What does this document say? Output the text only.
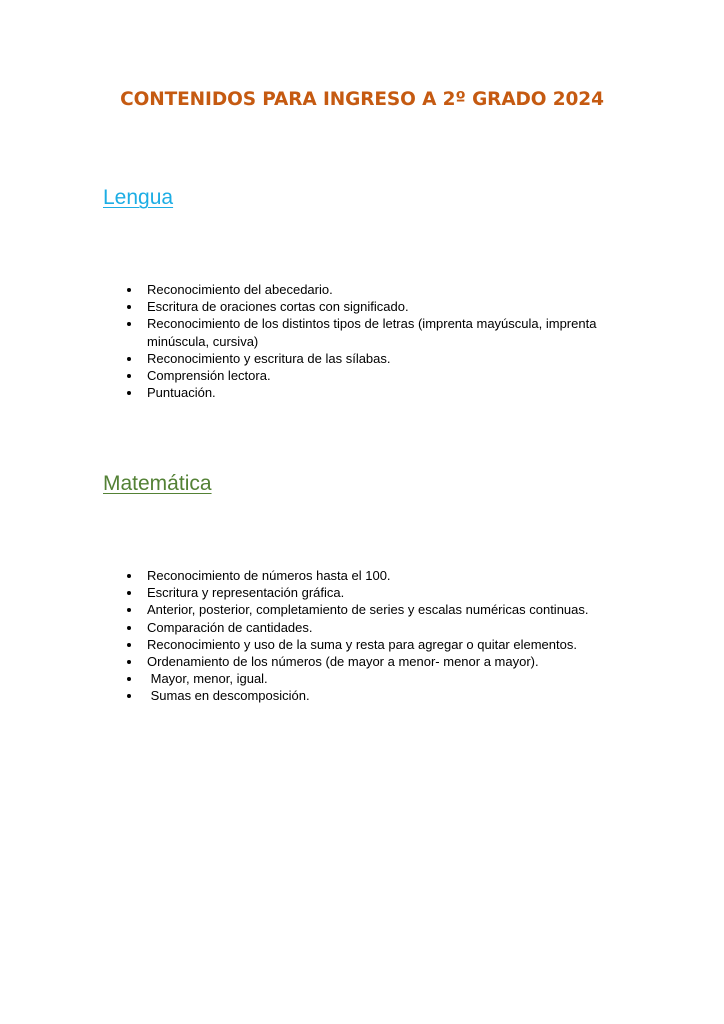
CONTENIDOS PARA INGRESO A 2º GRADO 2024
Lengua
Reconocimiento del abecedario.
Escritura de oraciones cortas con significado.
Reconocimiento de los distintos tipos de letras (imprenta mayúscula, imprenta minúscula, cursiva)
Reconocimiento y escritura de las sílabas.
Comprensión lectora.
Puntuación.
Matemática
Reconocimiento de números hasta el 100.
Escritura y representación gráfica.
Anterior, posterior, completamiento de series y escalas numéricas continuas.
Comparación de cantidades.
Reconocimiento y uso de la suma y resta para agregar o quitar elementos.
Ordenamiento de los números (de mayor a menor- menor a mayor).
Mayor, menor, igual.
Sumas en descomposición.
